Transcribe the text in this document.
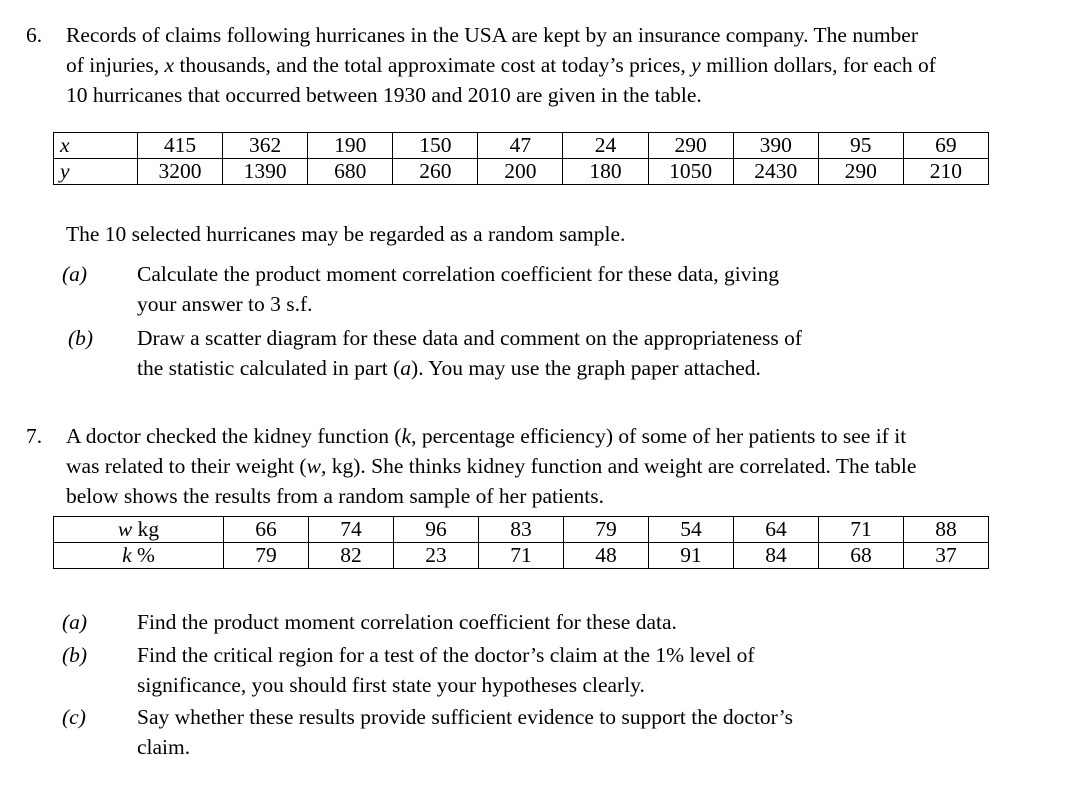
6. Records of claims following hurricanes in the USA are kept by an insurance company. The number
of injuries, x thousands, and the total approximate cost at today’s prices, y million dollars, for each of
10 hurricanes that occurred between 1930 and 2010 are given in the table.
x	415	362	190	150	47	24	290	390	95	69
y	3200	1390	680	260	200	180	1050	2430	290	210
The 10 selected hurricanes may be regarded as a random sample.
(a) Calculate the product moment correlation coefficient for these data, giving
your answer to 3 s.f.
(b) Draw a scatter diagram for these data and comment on the appropriateness of
the statistic calculated in part (a). You may use the graph paper attached.
7. A doctor checked the kidney function (k, percentage efficiency) of some of her patients to see if it
was related to their weight (w, kg). She thinks kidney function and weight are correlated. The table
below shows the results from a random sample of her patients.
w kg	66	74	96	83	79	54	64	71	88
k %	79	82	23	71	48	91	84	68	37
(a) Find the product moment correlation coefficient for these data.
(b) Find the critical region for a test of the doctor’s claim at the 1% level of
significance, you should first state your hypotheses clearly.
(c) Say whether these results provide sufficient evidence to support the doctor’s
claim.
